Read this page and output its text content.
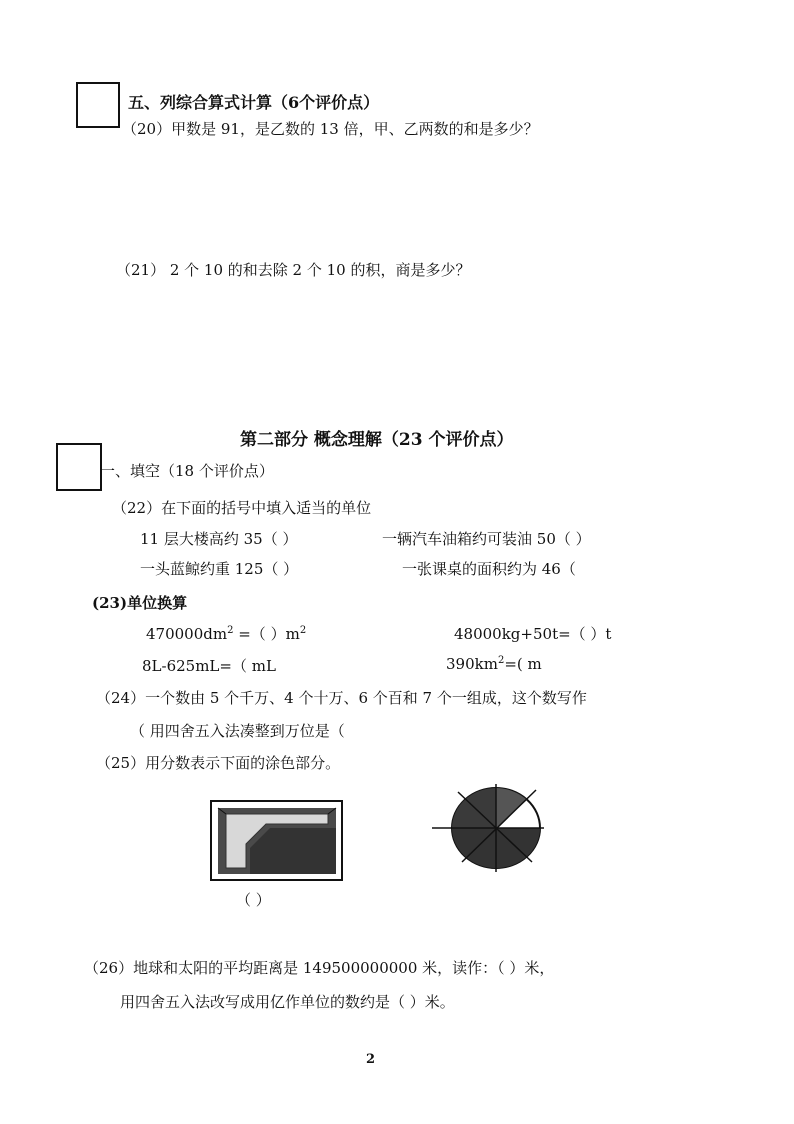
五、列综合算式计算（6个评价点）
（20）甲数是 91，是乙数的 13 倍，甲、乙两数的和是多少？
（21） 2 个 10 的和去除 2 个 10 的积，商是多少？
第二部分 概念理解（23 个评价点）
一、填空（18 个评价点）
（22）在下面的括号中填入适当的单位
11 层大楼高约 35（ ）	一辆汽车油箱约可装油 50（ ）
一头蓝鲸约重 125（ ）	一张课桌的面积约为 46（
(23)单位换算
$470000dm^2$ =（ ）$m^2$	48000kg+50t=（ ）t
8L-625mL=（ mL	$390km^2=$( m
（24）一个数由 5 个千万、4 个十万、6 个百和 7 个一组成，这个数写作
（ 用四舍五入法凑整到万位是（
（25）用分数表示下面的涂色部分。
（ ）
（26）地球和太阳的平均距离是 149500000000 米，读作：（ ）米，
用四舍五入法改写成用亿作单位的数约是（ ）米。
2
